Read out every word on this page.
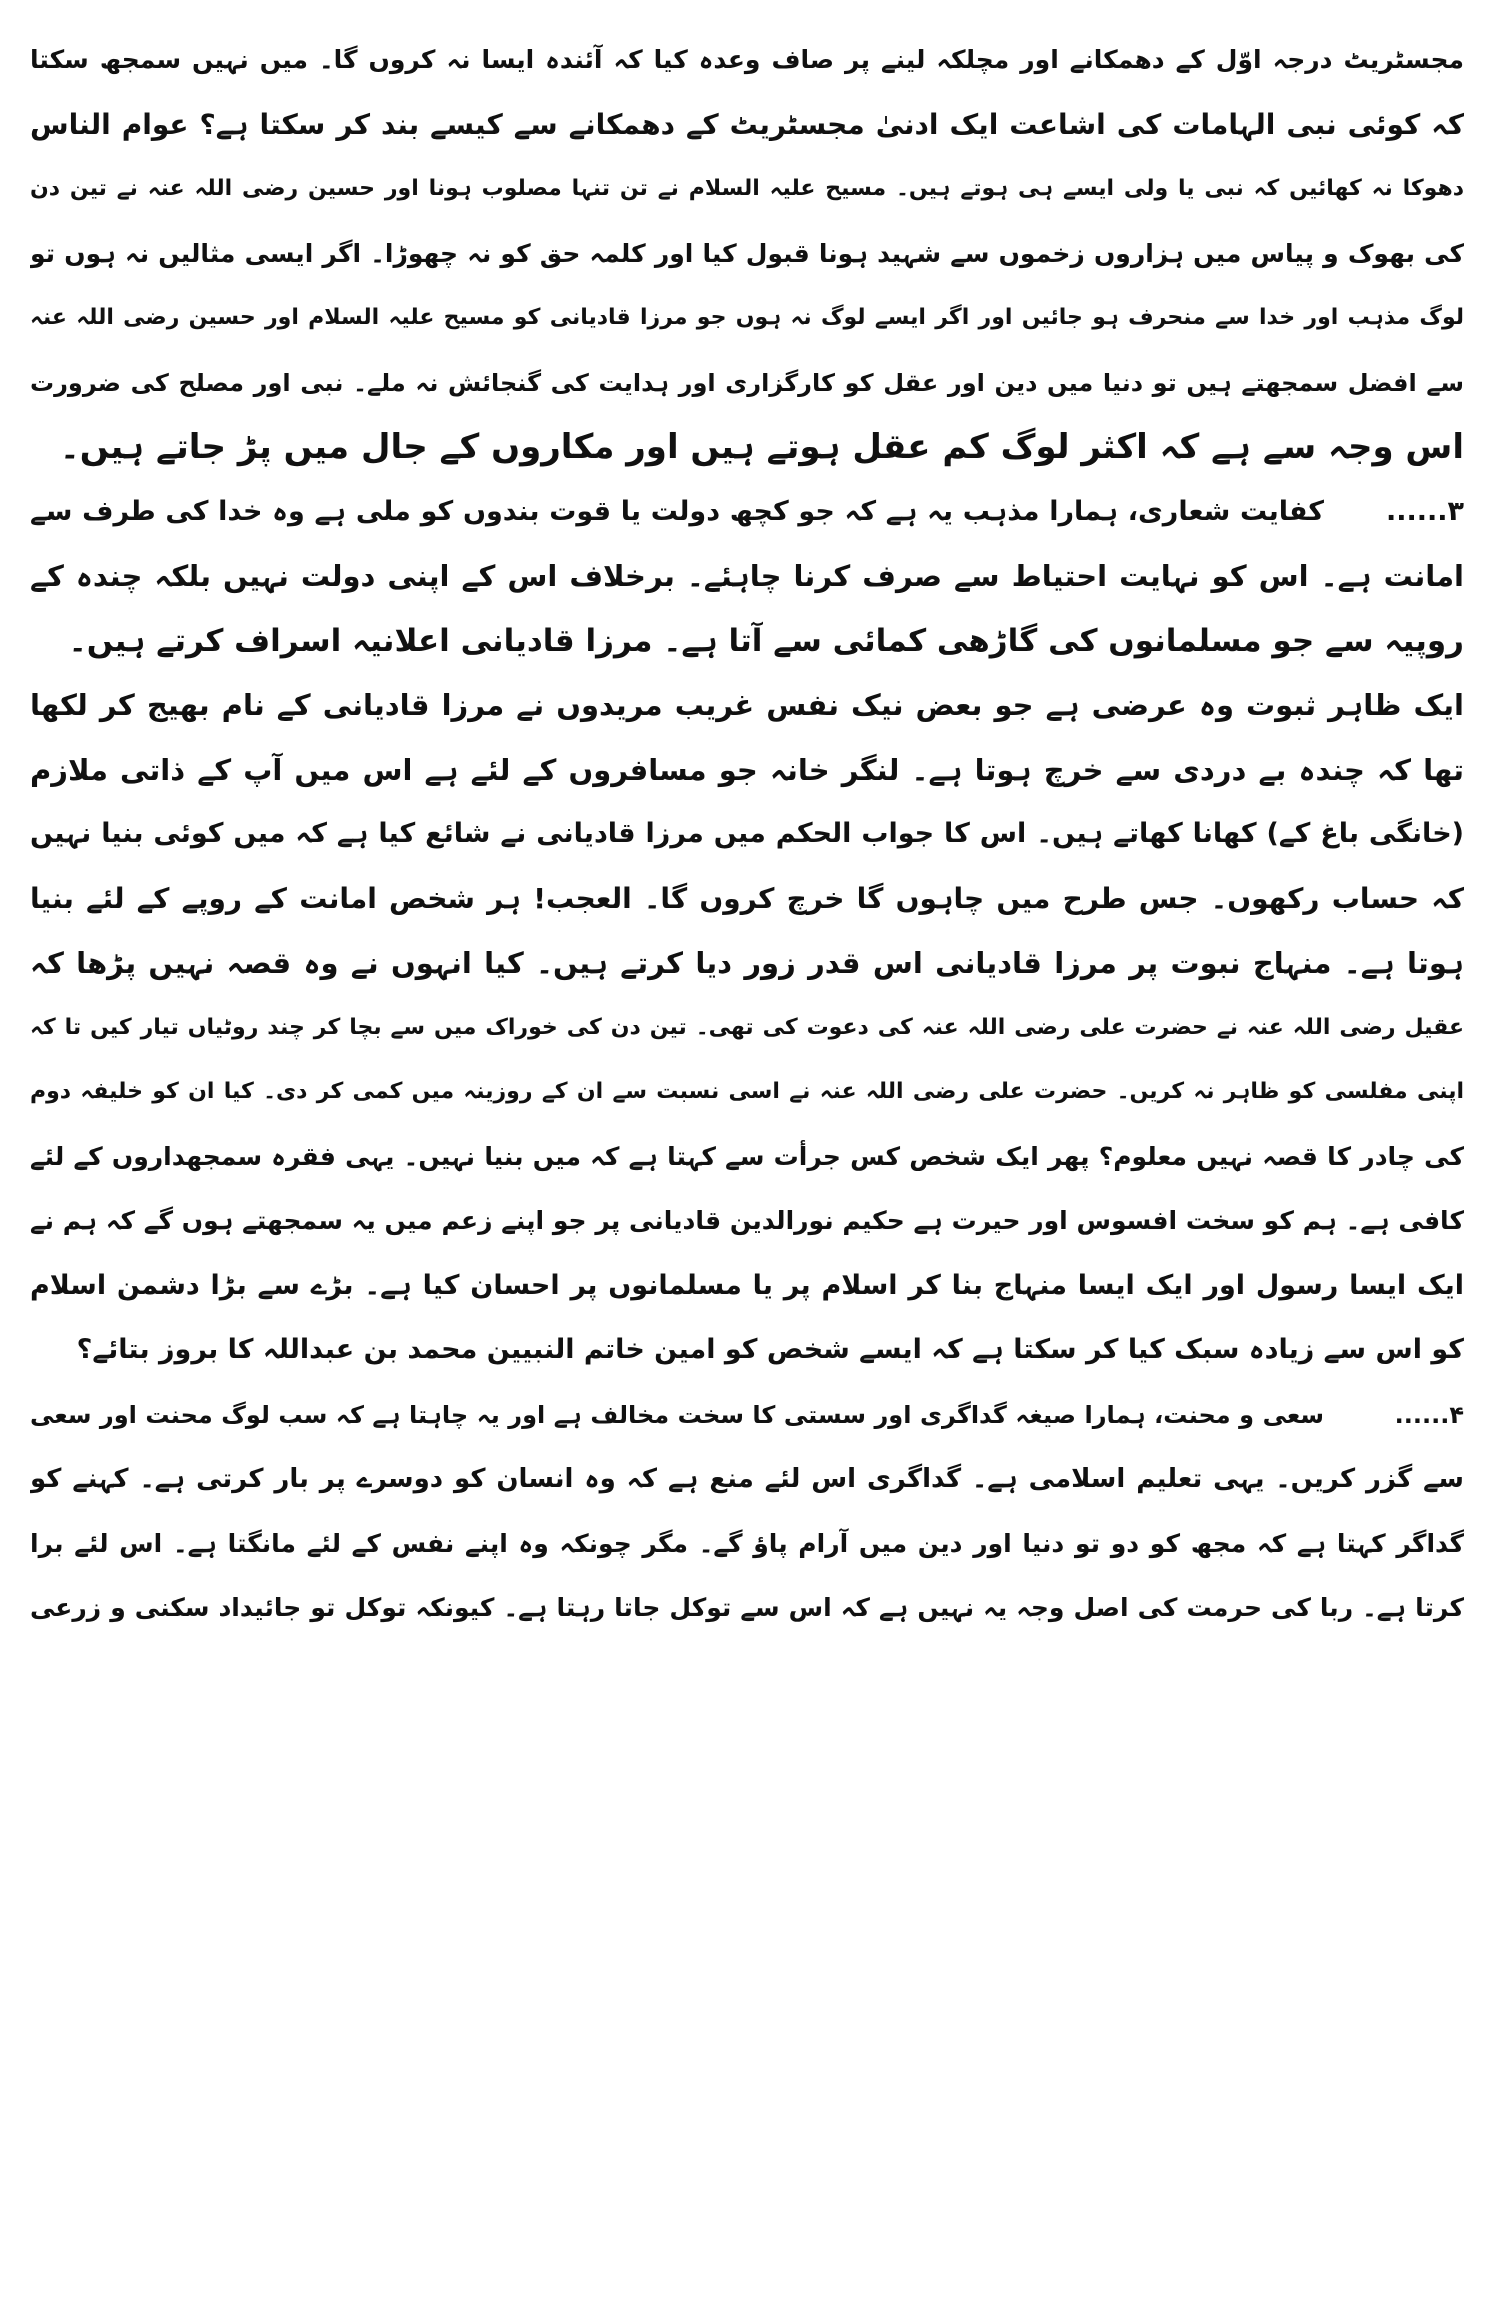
مجسٹریٹ درجہ اوّل کے دھمکانے اور مچلکہ لینے پر صاف وعدہ کیا کہ آئندہ ایسا نہ کروں گا۔ میں نہیں سمجھ سکتا
کہ کوئی نبی الہامات کی اشاعت ایک ادنیٰ مجسٹریٹ کے دھمکانے سے کیسے بند کر سکتا ہے؟ عوام الناس
دھوکا نہ کھائیں کہ نبی یا ولی ایسے ہی ہوتے ہیں۔ مسیح علیہ السلام نے تن تنہا مصلوب ہونا اور حسین رضی اللہ عنہ نے تین دن
کی بھوک و پیاس میں ہزاروں زخموں سے شہید ہونا قبول کیا اور کلمہ حق کو نہ چھوڑا۔ اگر ایسی مثالیں نہ ہوں تو
لوگ مذہب اور خدا سے منحرف ہو جائیں اور اگر ایسے لوگ نہ ہوں جو مرزا قادیانی کو مسیح علیہ السلام اور حسین رضی اللہ عنہ
سے افضل سمجھتے ہیں تو دنیا میں دین اور عقل کو کارگزاری اور ہدایت کی گنجائش نہ ملے۔ نبی اور مصلح کی ضرورت
اس وجہ سے ہے کہ اکثر لوگ کم عقل ہوتے ہیں اور مکاروں کے جال میں پڑ جاتے ہیں۔
۳......
کفایت شعاری، ہمارا مذہب یہ ہے کہ جو کچھ دولت یا قوت بندوں کو ملی ہے وہ خدا کی طرف سے
امانت ہے۔ اس کو نہایت احتیاط سے صرف کرنا چاہئے۔ برخلاف اس کے اپنی دولت نہیں بلکہ چندہ کے
روپیہ سے جو مسلمانوں کی گاڑھی کمائی سے آتا ہے۔ مرزا قادیانی اعلانیہ اسراف کرتے ہیں۔
ایک ظاہر ثبوت وہ عرضی ہے جو بعض نیک نفس غریب مریدوں نے مرزا قادیانی کے نام بھیج کر لکھا
تھا کہ چندہ بے دردی سے خرچ ہوتا ہے۔ لنگر خانہ جو مسافروں کے لئے ہے اس میں آپ کے ذاتی ملازم
(خانگی باغ کے) کھانا کھاتے ہیں۔ اس کا جواب الحکم میں مرزا قادیانی نے شائع کیا ہے کہ میں کوئی بنیا نہیں
کہ حساب رکھوں۔ جس طرح میں چاہوں گا خرچ کروں گا۔ العجب! ہر شخص امانت کے روپے کے لئے بنیا
ہوتا ہے۔ منہاج نبوت پر مرزا قادیانی اس قدر زور دیا کرتے ہیں۔ کیا انہوں نے وہ قصہ نہیں پڑھا کہ
عقیل رضی اللہ عنہ نے حضرت علی رضی اللہ عنہ کی دعوت کی تھی۔ تین دن کی خوراک میں سے بچا کر چند روٹیاں تیار کیں تا کہ
اپنی مفلسی کو ظاہر نہ کریں۔ حضرت علی رضی اللہ عنہ نے اسی نسبت سے ان کے روزینہ میں کمی کر دی۔ کیا ان کو خلیفہ دوم
کی چادر کا قصہ نہیں معلوم؟ پھر ایک شخص کس جرأت سے کہتا ہے کہ میں بنیا نہیں۔ یہی فقرہ سمجھداروں کے لئے
کافی ہے۔ ہم کو سخت افسوس اور حیرت ہے حکیم نورالدین قادیانی پر جو اپنے زعم میں یہ سمجھتے ہوں گے کہ ہم نے
ایک ایسا رسول اور ایک ایسا منہاج بنا کر اسلام پر یا مسلمانوں پر احسان کیا ہے۔ بڑے سے بڑا دشمن اسلام
کو اس سے زیادہ سبک کیا کر سکتا ہے کہ ایسے شخص کو امین خاتم النبیین محمد بن عبداللہ کا بروز بتائے؟
۴......
سعی و محنت، ہمارا صیغہ گداگری اور سستی کا سخت مخالف ہے اور یہ چاہتا ہے کہ سب لوگ محنت اور سعی
سے گزر کریں۔ یہی تعلیم اسلامی ہے۔ گداگری اس لئے منع ہے کہ وہ انسان کو دوسرے پر بار کرتی ہے۔ کہنے کو
گداگر کہتا ہے کہ مجھ کو دو تو دنیا اور دین میں آرام پاؤ گے۔ مگر چونکہ وہ اپنے نفس کے لئے مانگتا ہے۔ اس لئے برا
کرتا ہے۔ ربا کی حرمت کی اصل وجہ یہ نہیں ہے کہ اس سے توکل جاتا رہتا ہے۔ کیونکہ توکل تو جائیداد سکنی و زرعی
